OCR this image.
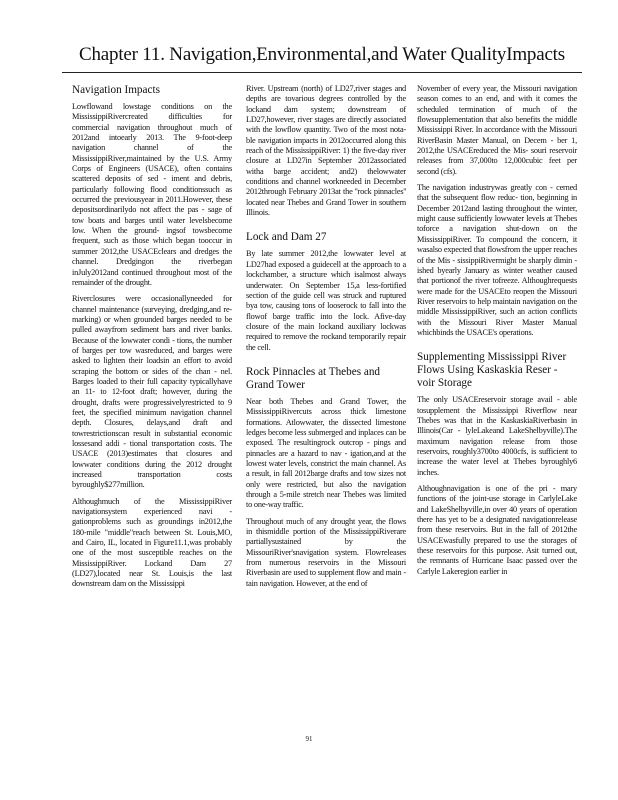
Chapter 11. Navigation,Environmental,and Water QualityImpacts
Navigation Impacts

Lowflowand lowstage conditions on the MississippiRivercreated difficulties for commercial navigation throughout much of 2012and intoearly 2013. The 9-foot-deep navigation channel of the MississippiRiver,maintained by the U.S. Army Corps of Engineers (USACE), often contains scattered deposits of sed - iment and debris, particularly following flood conditionssuch as occurred the previousyear in 2011.However, these depositsordinarilydo not affect the pas - sage of tow boats and barges until water levelsbecome low. When the ground- ingsof towsbecome frequent, such as those which began tooccur in summer 2012,the USACEclears and dredges the channel. Dredgingon the riverbegan inJuly2012and continued throughout most of the remainder of the drought.

Riverclosures were occasionallyneeded for channel maintenance (surveying, dredging,and re-marking) or when grounded barges needed to be pulled awayfrom sediment bars and river banks. Because of the lowwater condi - tions, the number of barges per tow wasreduced, and barges were asked to lighten their loadsin an effort to avoid scraping the bottom or sides of the chan - nel. Barges loaded to their full capacity typicallyhave an 11- to 12-foot draft; however, during the drought, drafts were progressivelyrestricted to 9 feet, the specified minimum navigation channel depth. Closures, delays,and draft and towrestrictionscan result in substantial economic lossesand addi - tional transportation costs. The USACE (2013)estimates that closures and lowwater conditions during the 2012 drought increased transportation costs byroughly$277million.

Althoughmuch of the MississippiRiver navigationsystem experienced navi - gationproblems such as groundings in2012,the 180-mile "middle"reach between St. Louis,MO, and Cairo, IL, located in Figure11.1,was probably one of the most susceptible reaches on the MississippiRiver. Lockand Dam 27 (LD27),located near St. Louis,is the last downstream dam on the Mississippi

River. Upstream (north) of LD27,river stages and depths are tovarious degrees controlled by the lockand dam system; downstream of LD27,however, river stages are directly associated with the lowflow quantity. Two of the most nota- ble navigation impacts in 2012occurred along this reach of the MississippiRiver: 1) the five-day river closure at LD27in September 2012associated witha barge accident; and2) thelowwater conditions and channel workneeded in December 2012through February 2013at the ''rock pinnacles'' located near Thebes and Grand Tower in southern Illinois.

Lock and Dam 27

By late summer 2012,the lowwater level at LD27had exposed a guidecell at the approach to a lockchamber, a structure which isalmost always underwater. On September 15,a less-fortified section of the guide cell was struck and ruptured bya tow, causing tons of looserock to fall into the flowof barge traffic into the lock. Afive-day closure of the main lockand auxiliary lockwas required to remove the rockand temporarily repair the cell.

Rock Pinnacles at Thebes and Grand Tower

Near both Thebes and Grand Tower, the MississippiRivercuts across thick limestone formations. Atlowwater, the dissected limestone ledges become less submerged and inplaces can be exposed. The resultingrock outcrop - pings and pinnacles are a hazard to nav - igation,and at the lowest water levels, constrict the main channel. As a result, in fall 2012barge drafts and tow sizes not only were restricted, but also the navigation through a 5-mile stretch near Thebes was limited to one-way traffic.

Throughout much of any drought year, the flows in thismiddle portion of the MississippiRiverare partiallysustained by the MissouriRiver'snavigation system. Flowreleases from numerous reservoirs in the Missouri Riverbasin are used to supplement flow and main - tain navigation. However, at the end of

November of every year, the Missouri navigation season comes to an end, and with it comes the scheduled termination of much of the flowsupplementation that also benefits the middle Mississippi River. In accordance with the Missouri RiverBasin Master Manual, on Decem - ber 1, 2012,the USACEreduced the Mis- souri reservoir releases from 37,000to 12,000cubic feet per second (cfs).

The navigation industrywas greatly con - cerned that the subsequent flow reduc- tion, beginning in December 2012and lasting throughout the winter, might cause sufficiently lowwater levels at Thebes toforce a navigation shut-down on the MississippiRiver. To compound the concern, it wasalso expected that flowsfrom the upper reaches of the Mis - sissippiRivermight be sharply dimin - ished byearly January as winter weather caused that portionof the river tofreeze. Althoughrequests were made for the USACEto reopen the Missouri River reservoirs to help maintain navigation on the middle MississippiRiver, such an action conflicts with the Missouri River Master Manual whichbinds the USACE's operations.

Supplementing Mississippi River Flows Using Kaskaskia Reser - voir Storage

The only USACEreservoir storage avail - able tosupplement the Mississippi Riverflow near Thebes was that in the KaskaskiaRiverbasin in Illinois(Car - lyleLakeand LakeShelbyville).The maximum navigation release from those reservoirs, roughly3700to 4000cfs, is sufficient to increase the water level at Thebes byroughly6 inches.

Althoughnavigation is one of the pri - mary functions of the joint-use storage in CarlyleLake and LakeShelbyville,in over 40 years of operation there has yet to be a designated navigationrelease from these reservoirs. But in the fall of 2012the USACEwasfully prepared to use the storages of these reservoirs for this purpose. Asit turned out, the remnants of Hurricane Isaac passed over the Carlyle Lakeregion earlier in

91
